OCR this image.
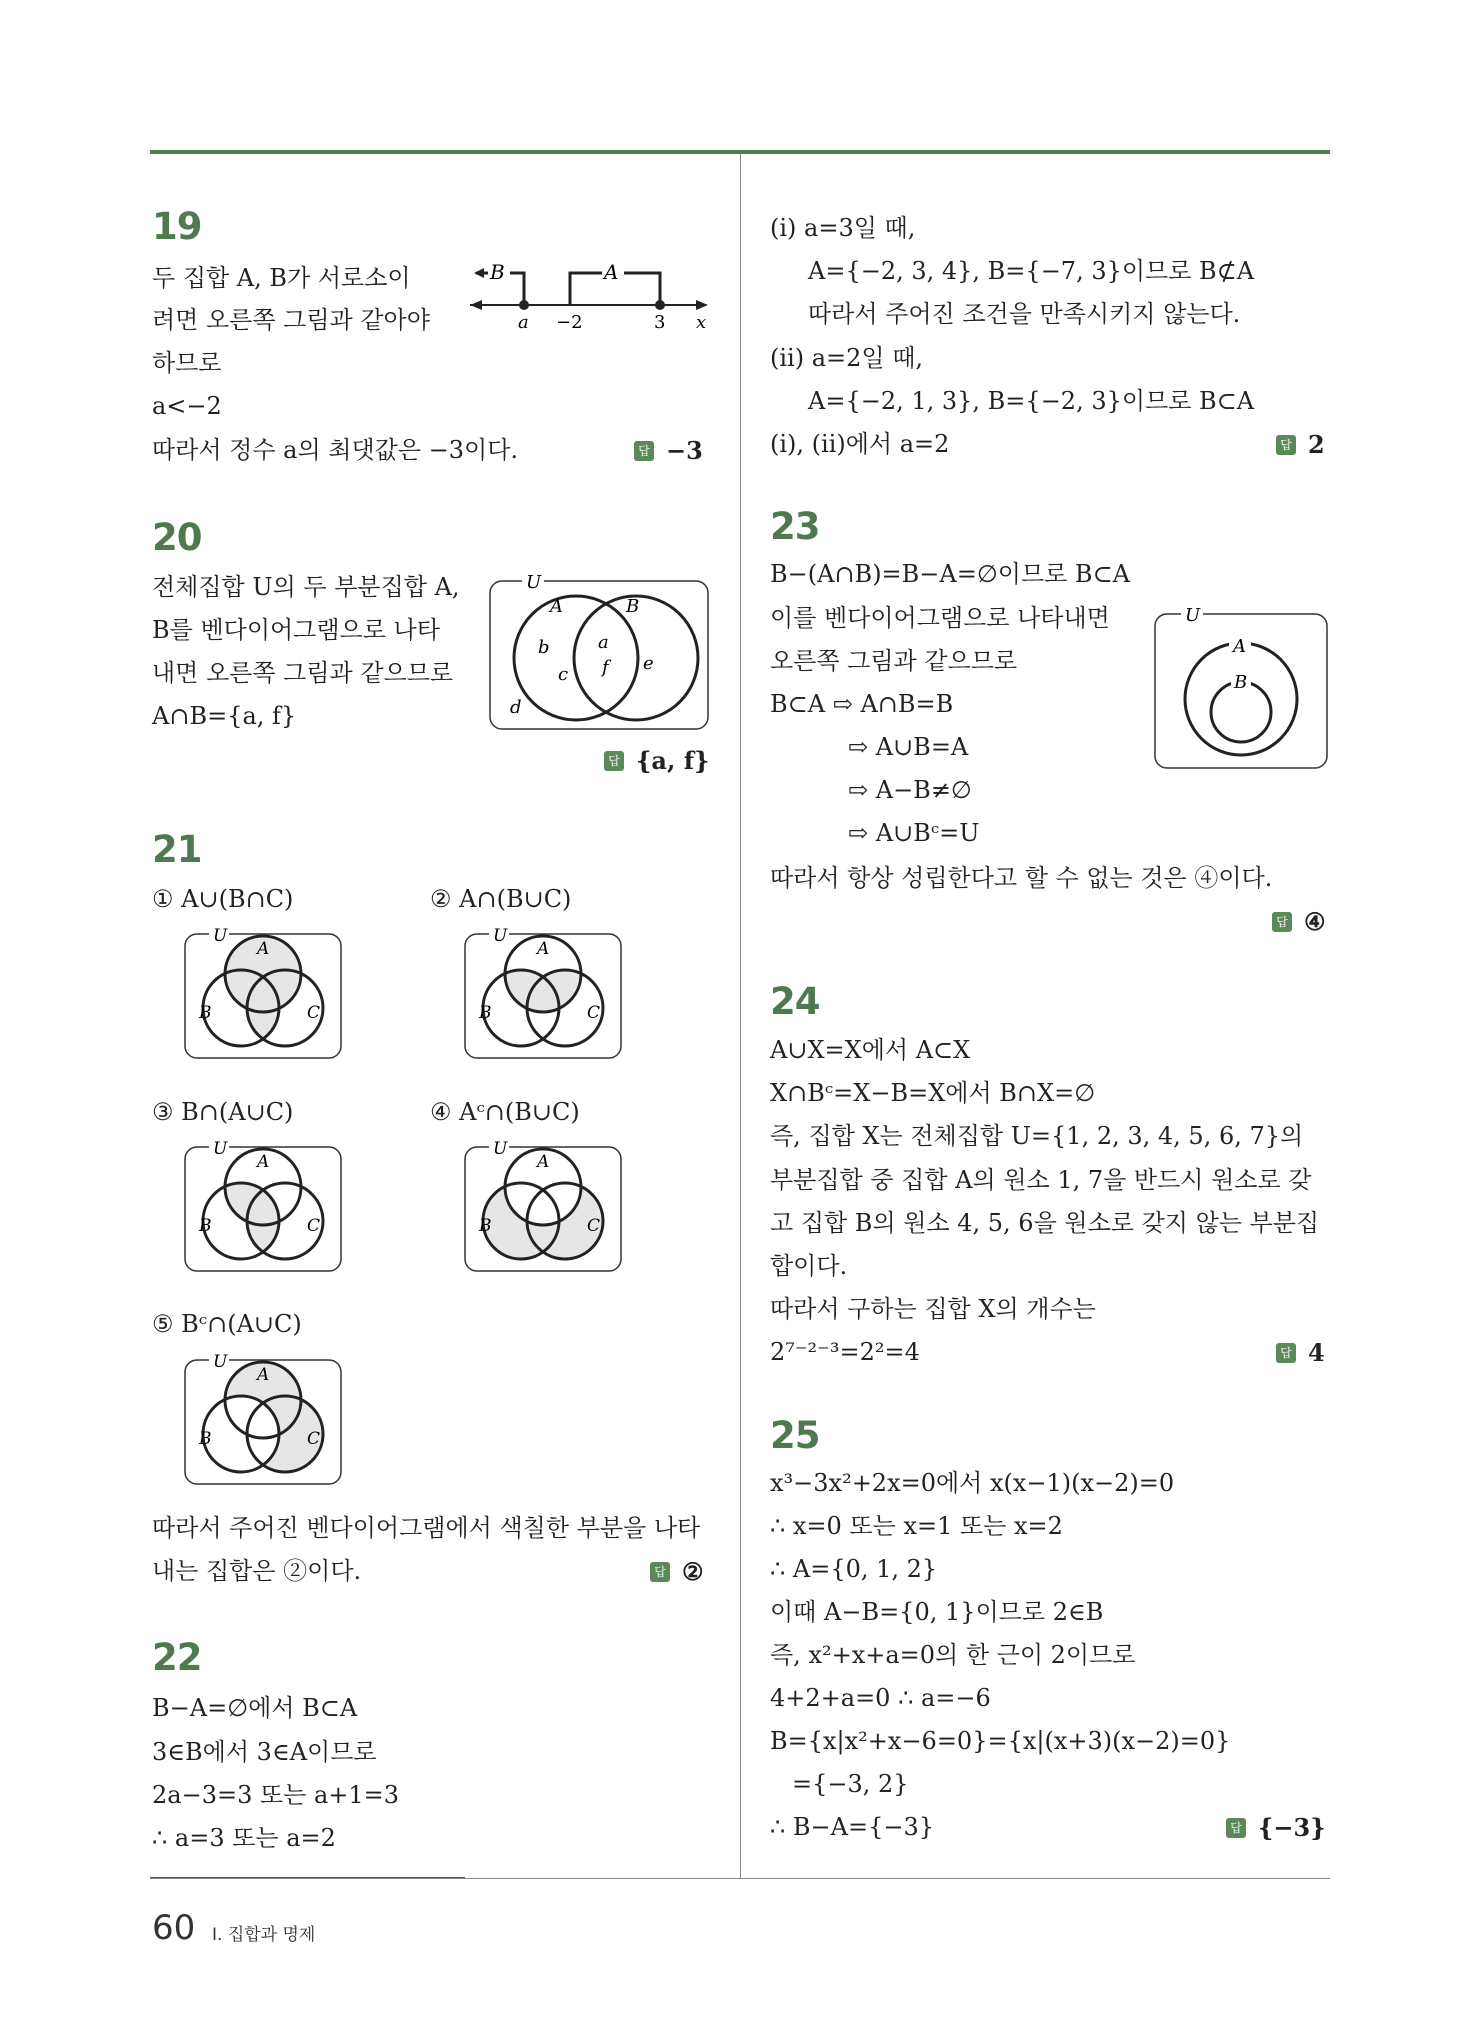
19
두 집합 A, B가 서로소이
려면 오른쪽 그림과 같아야
하므로
a<−2
따라서 정수 a의 최댓값은 −3이다.	답 −3
B	A
a −2	3 x
20
전체집합 U의 두 부분집합 A,
B를 벤다이어그램으로 나타
내면 오른쪽 그림과 같으므로
A∩B={a, f}
U
A	B
b
c
d
a
f e
답 {a, f}
21
① A∪(B∩C)	② A∩(B∪C)
③ B∩(A∪C)	④ Aᶜ∩(B∪C)
⑤ Bᶜ∩(A∪C)
U
A
B	C
U
A
B	C
U
A
B	C
U
A
B	C
U
A
B	C
따라서 주어진 벤다이어그램에서 색칠한 부분을 나타
내는 집합은 ②이다.	답 ②
22
B−A=∅에서 B⊂A
3∈B에서 3∈A이므로
2a−3=3 또는 a+1=3
∴ a=3 또는 a=2
(ⅰ) a=3일 때,
A={−2, 3, 4}, B={−7, 3}이므로 B⊄A
따라서 주어진 조건을 만족시키지 않는다.
(ⅱ) a=2일 때,
A={−2, 1, 3}, B={−2, 3}이므로 B⊂A
(ⅰ), (ⅱ)에서 a=2	답 2
23
B−(A∩B)=B−A=∅이므로 B⊂A
이를 벤다이어그램으로 나타내면
오른쪽 그림과 같으므로
B⊂A ⇨ A∩B=B
⇨ A∪B=A
⇨ A−B≠∅
⇨ A∪Bᶜ=U
따라서 항상 성립한다고 할 수 없는 것은 ④이다.
답 ④
U
A
B
24
A∪X=X에서 A⊂X
X∩Bᶜ=X−B=X에서 B∩X=∅
즉, 집합 X는 전체집합 U={1, 2, 3, 4, 5, 6, 7}의
부분집합 중 집합 A의 원소 1, 7을 반드시 원소로 갖
고 집합 B의 원소 4, 5, 6을 원소로 갖지 않는 부분집
합이다.
따라서 구하는 집합 X의 개수는
2⁷⁻²⁻³=2²=4	답 4
25
x³−3x²+2x=0에서 x(x−1)(x−2)=0
∴ x=0 또는 x=1 또는 x=2
∴ A={0, 1, 2}
이때 A−B={0, 1}이므로 2∈B
즉, x²+x+a=0의 한 근이 2이므로
4+2+a=0 ∴ a=−6
B={x|x²+x−6=0}={x|(x+3)(x−2)=0}
={−3, 2}
∴ B−A={−3}	답 {−3}
60 Ⅰ. 집합과 명제
